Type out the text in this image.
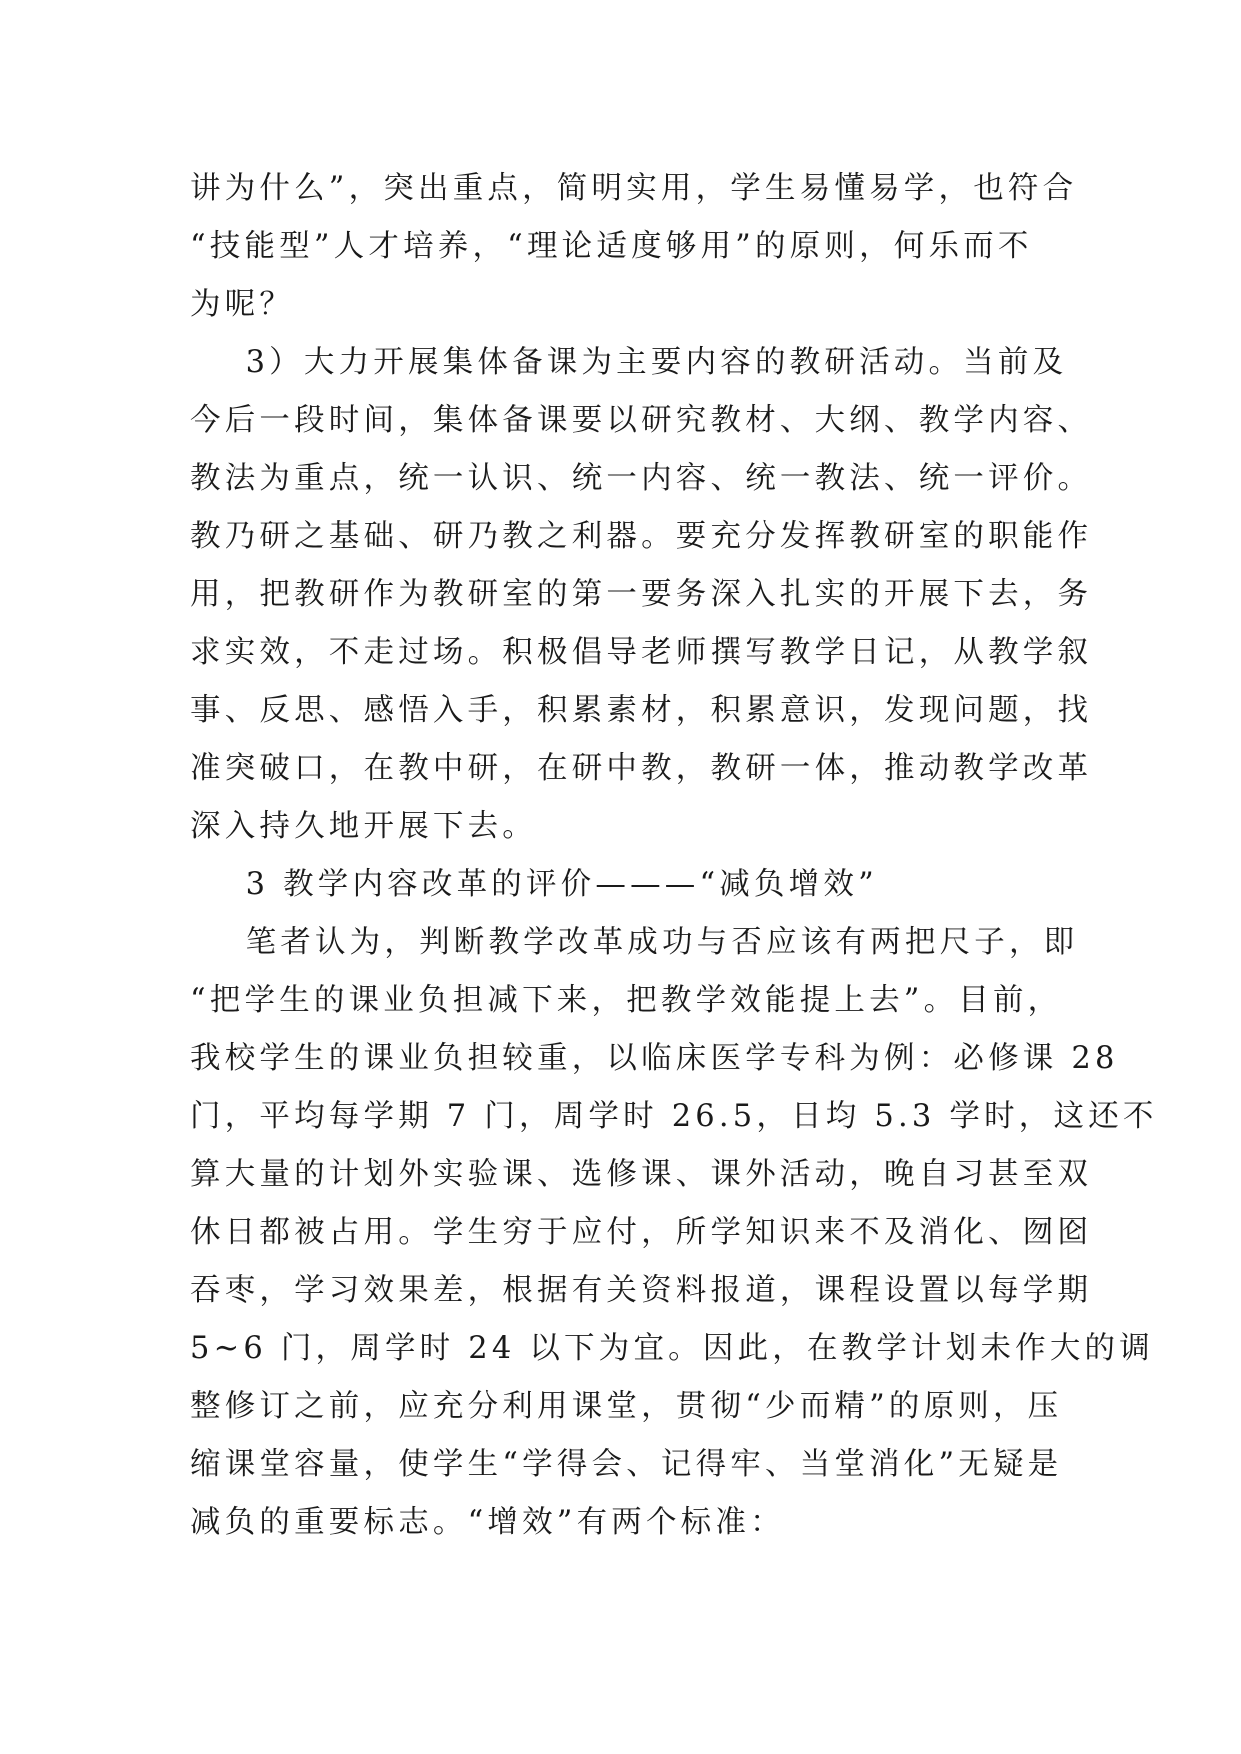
讲为什么”，突出重点，简明实用，学生易懂易学，也符合
“技能型”人才培养，“理论适度够用”的原则，何乐而不
为呢？
3）大力开展集体备课为主要内容的教研活动。当前及
今后一段时间，集体备课要以研究教材、大纲、教学内容、
教法为重点，统一认识、统一内容、统一教法、统一评价。
教乃研之基础、研乃教之利器。要充分发挥教研室的职能作
用，把教研作为教研室的第一要务深入扎实的开展下去，务
求实效，不走过场。积极倡导老师撰写教学日记，从教学叙
事、反思、感悟入手，积累素材，积累意识，发现问题，找
准突破口，在教中研，在研中教，教研一体，推动教学改革
深入持久地开展下去。
3 教学内容改革的评价———“减负增效”
笔者认为，判断教学改革成功与否应该有两把尺子，即
“把学生的课业负担减下来，把教学效能提上去”。目前，
我校学生的课业负担较重，以临床医学专科为例：必修课 28
门，平均每学期 7 门，周学时 26.5，日均 5.3 学时，这还不
算大量的计划外实验课、选修课、课外活动，晚自习甚至双
休日都被占用。学生穷于应付，所学知识来不及消化、囫囵
吞枣，学习效果差，根据有关资料报道，课程设置以每学期
5~6 门，周学时 24 以下为宜。因此，在教学计划未作大的调
整修订之前，应充分利用课堂，贯彻“少而精”的原则，压
缩课堂容量，使学生“学得会、记得牢、当堂消化”无疑是
减负的重要标志。“增效”有两个标准：
